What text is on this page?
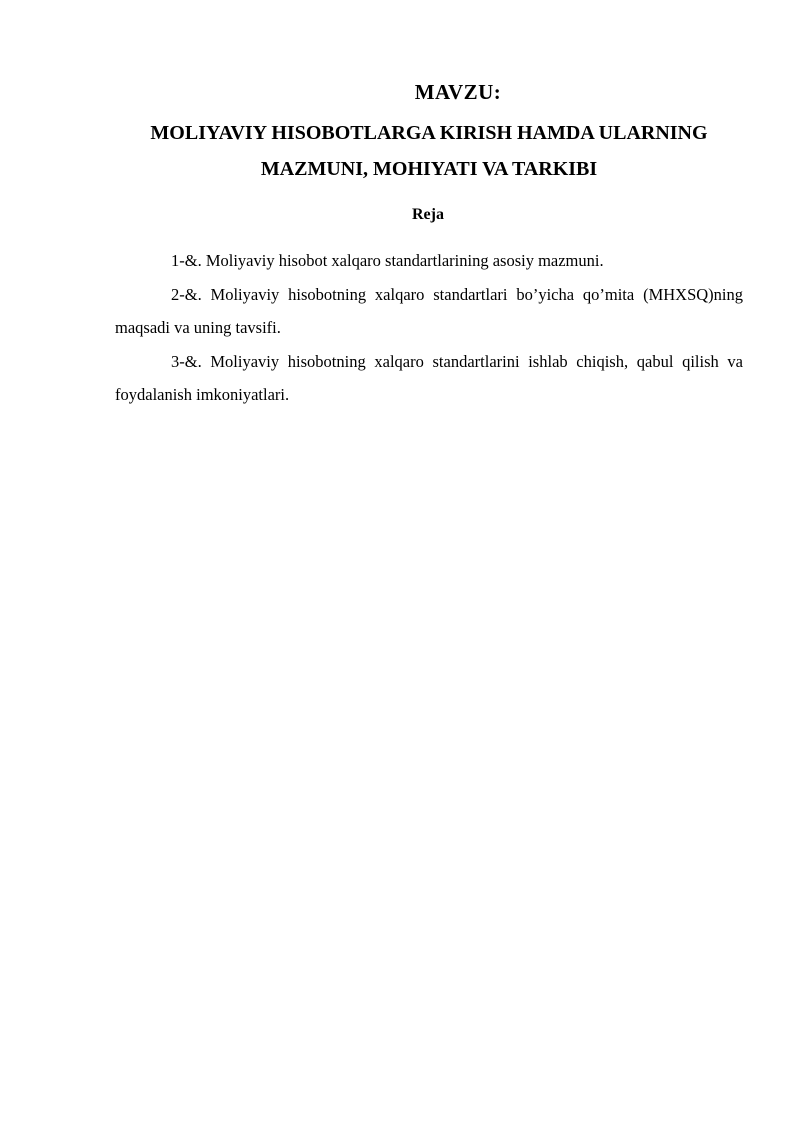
MAVZU:
MOLIYAVIY HISOBOTLARGA KIRISH HAMDA ULARNING
MAZMUNI, MOHIYATI VA TARKIBI
Reja

1-&. Moliyaviy hisobot xalqaro standartlarining asosiy mazmuni.

2-&. Moliyaviy hisobotning xalqaro standartlari bo’yicha qo’mita (MHXSQ)ning maqsadi va uning tavsifi.

3-&. Moliyaviy hisobotning xalqaro standartlarini ishlab chiqish, qabul qilish va foydalanish imkoniyatlari.
